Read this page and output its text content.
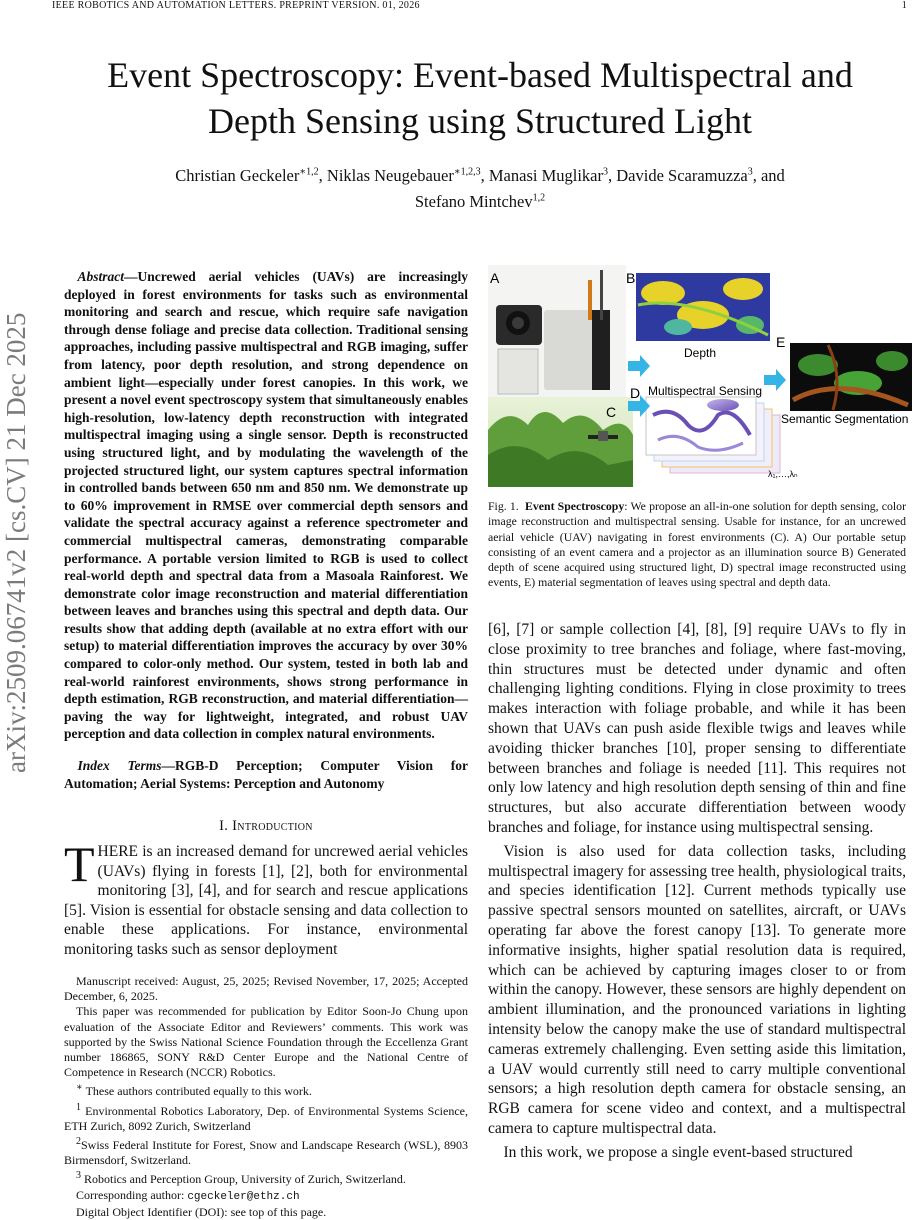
IEEE ROBOTICS AND AUTOMATION LETTERS. PREPRINT VERSION. 01, 2026	1
arXiv:2509.06741v2 [cs.CV] 21 Dec 2025
Event Spectroscopy: Event-based Multispectral and
Depth Sensing using Structured Light
Christian Geckeler$^{∗1,2}$, Niklas Neugebauer$^{∗1,2,3}$, Manasi Muglikar$^3$, Davide Scaramuzza$^3$, and
Stefano Mintchev$^{1,2}$
Abstract—Uncrewed aerial vehicles (UAVs) are increasingly deployed in forest environments for tasks such as environmental monitoring and search and rescue, which require safe navigation through dense foliage and precise data collection. Traditional sensing approaches, including passive multispectral and RGB imaging, suffer from latency, poor depth resolution, and strong dependence on ambient light—especially under forest canopies. In this work, we present a novel event spectroscopy system that simultaneously enables high-resolution, low-latency depth reconstruction with integrated multispectral imaging using a single sensor. Depth is reconstructed using structured light, and by modulating the wavelength of the projected structured light, our system captures spectral information in controlled bands between 650 nm and 850 nm. We demonstrate up to 60% improvement in RMSE over commercial depth sensors and validate the spectral accuracy against a reference spectrometer and commercial multispectral cameras, demonstrating comparable performance. A portable version limited to RGB is used to collect real-world depth and spectral data from a Masoala Rainforest. We demonstrate color image reconstruction and material differentiation between leaves and branches using this spectral and depth data. Our results show that adding depth (available at no extra effort with our setup) to material differentiation improves the accuracy by over 30% compared to color-only method. Our system, tested in both lab and real-world rainforest environments, shows strong performance in depth estimation, RGB reconstruction, and material differentiation—paving the way for lightweight, integrated, and robust UAV perception and data collection in complex natural environments.
Index Terms—RGB-D Perception; Computer Vision for Automation; Aerial Systems: Perception and Autonomy
I. Introduction
THERE is an increased demand for uncrewed aerial vehicles (UAVs) flying in forests [1], [2], both for environmental monitoring [3], [4], and for search and rescue applications [5]. Vision is essential for obstacle sensing and data collection to enable these applications. For instance, environmental monitoring tasks such as sensor deployment

Manuscript received: August, 25, 2025; Revised November, 17, 2025; Accepted December, 6, 2025.

This paper was recommended for publication by Editor Soon-Jo Chung upon evaluation of the Associate Editor and Reviewers’ comments. This work was supported by the Swiss National Science Foundation through the Eccellenza Grant number 186865, SONY R&D Center Europe and the National Centre of Competence in Research (NCCR) Robotics.

∗ These authors contributed equally to this work.

$^1$ Environmental Robotics Laboratory, Dep. of Environmental Systems Science, ETH Zurich, 8092 Zurich, Switzerland

$^2$Swiss Federal Institute for Forest, Snow and Landscape Research (WSL), 8903 Birmensdorf, Switzerland.

$^3$ Robotics and Perception Group, University of Zurich, Switzerland.

Corresponding author: cgeckeler@ethz.ch

Digital Object Identifier (DOI): see top of this page.

A	B
C
D
E
Depth
Multispectral Sensing
Semantic Segmentation
λ₁,…,λₙ
Fig. 1. Event Spectroscopy: We propose an all-in-one solution for depth sensing, color image reconstruction and multispectral sensing. Usable for instance, for an uncrewed aerial vehicle (UAV) navigating in forest environments (C). A) Our portable setup consisting of an event camera and a projector as an illumination source B) Generated depth of scene acquired using structured light, D) spectral image reconstructed using events, E) material segmentation of leaves using spectral and depth data.

[6], [7] or sample collection [4], [8], [9] require UAVs to fly in close proximity to tree branches and foliage, where fast-moving, thin structures must be detected under dynamic and often challenging lighting conditions. Flying in close proximity to trees makes interaction with foliage probable, and while it has been shown that UAVs can push aside flexible twigs and leaves while avoiding thicker branches [10], proper sensing to differentiate between branches and foliage is needed [11]. This requires not only low latency and high resolution depth sensing of thin and fine structures, but also accurate differentiation between woody branches and foliage, for instance using multispectral sensing.

Vision is also used for data collection tasks, including multispectral imagery for assessing tree health, physiological traits, and species identification [12]. Current methods typically use passive spectral sensors mounted on satellites, aircraft, or UAVs operating far above the forest canopy [13]. To generate more informative insights, higher spatial resolution data is required, which can be achieved by capturing images closer to or from within the canopy. However, these sensors are highly dependent on ambient illumination, and the pronounced variations in lighting intensity below the canopy make the use of standard multispectral cameras extremely challenging. Even setting aside this limitation, a UAV would currently still need to carry multiple conventional sensors; a high resolution depth camera for obstacle sensing, an RGB camera for scene video and context, and a multispectral camera to capture multispectral data.

In this work, we propose a single event-based structured
